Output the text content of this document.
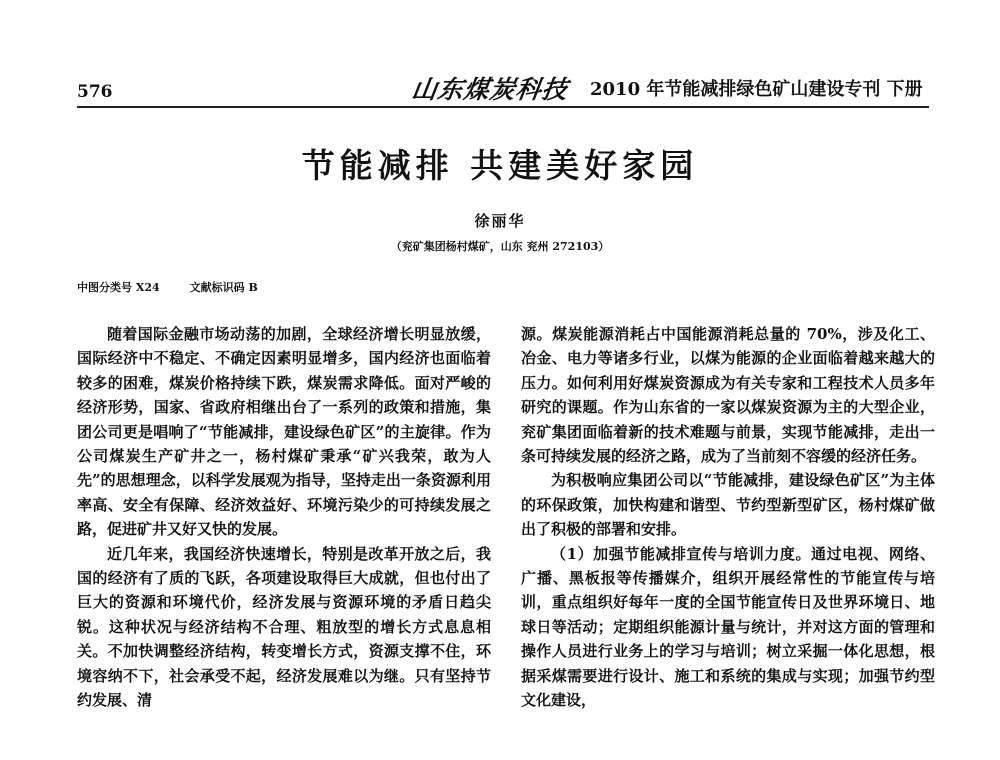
576	山东煤炭科技 2010 年节能减排绿色矿山建设专刊 下册
节能减排 共建美好家园
徐丽华
（兖矿集团杨村煤矿，山东 兖州 272103）
中图分类号 X24	文献标识码 B

随着国际金融市场动荡的加剧，全球经济增长明显放缓，国际经济中不稳定、不确定因素明显增多，国内经济也面临着较多的困难，煤炭价格持续下跌，煤炭需求降低。面对严峻的经济形势，国家、省政府相继出台了一系列的政策和措施，集团公司更是唱响了“节能减排，建设绿色矿区”的主旋律。作为公司煤炭生产矿井之一，杨村煤矿秉承“矿兴我荣，敢为人先”的思想理念，以科学发展观为指导，坚持走出一条资源利用率高、安全有保障、经济效益好、环境污染少的可持续发展之路，促进矿井又好又快的发展。

近几年来，我国经济快速增长，特别是改革开放之后，我国的经济有了质的飞跃，各项建设取得巨大成就，但也付出了巨大的资源和环境代价，经济发展与资源环境的矛盾日趋尖锐。这种状况与经济结构不合理、粗放型的增长方式息息相关。不加快调整经济结构，转变增长方式，资源支撑不住，环境容纳不下，社会承受不起，经济发展难以为继。只有坚持节约发展、清

源。煤炭能源消耗占中国能源消耗总量的 70%，涉及化工、冶金、电力等诸多行业，以煤为能源的企业面临着越来越大的压力。如何利用好煤炭资源成为有关专家和工程技术人员多年研究的课题。作为山东省的一家以煤炭资源为主的大型企业，兖矿集团面临着新的技术难题与前景，实现节能减排，走出一条可持续发展的经济之路，成为了当前刻不容缓的经济任务。

为积极响应集团公司以“节能减排，建设绿色矿区”为主体的环保政策，加快构建和谐型、节约型新型矿区，杨村煤矿做出了积极的部署和安排。

（1）加强节能减排宣传与培训力度。通过电视、网络、广播、黑板报等传播媒介，组织开展经常性的节能宣传与培训，重点组织好每年一度的全国节能宣传日及世界环境日、地球日等活动；定期组织能源计量与统计，并对这方面的管理和操作人员进行业务上的学习与培训；树立采掘一体化思想，根据采煤需要进行设计、施工和系统的集成与实现；加强节约型文化建设，
